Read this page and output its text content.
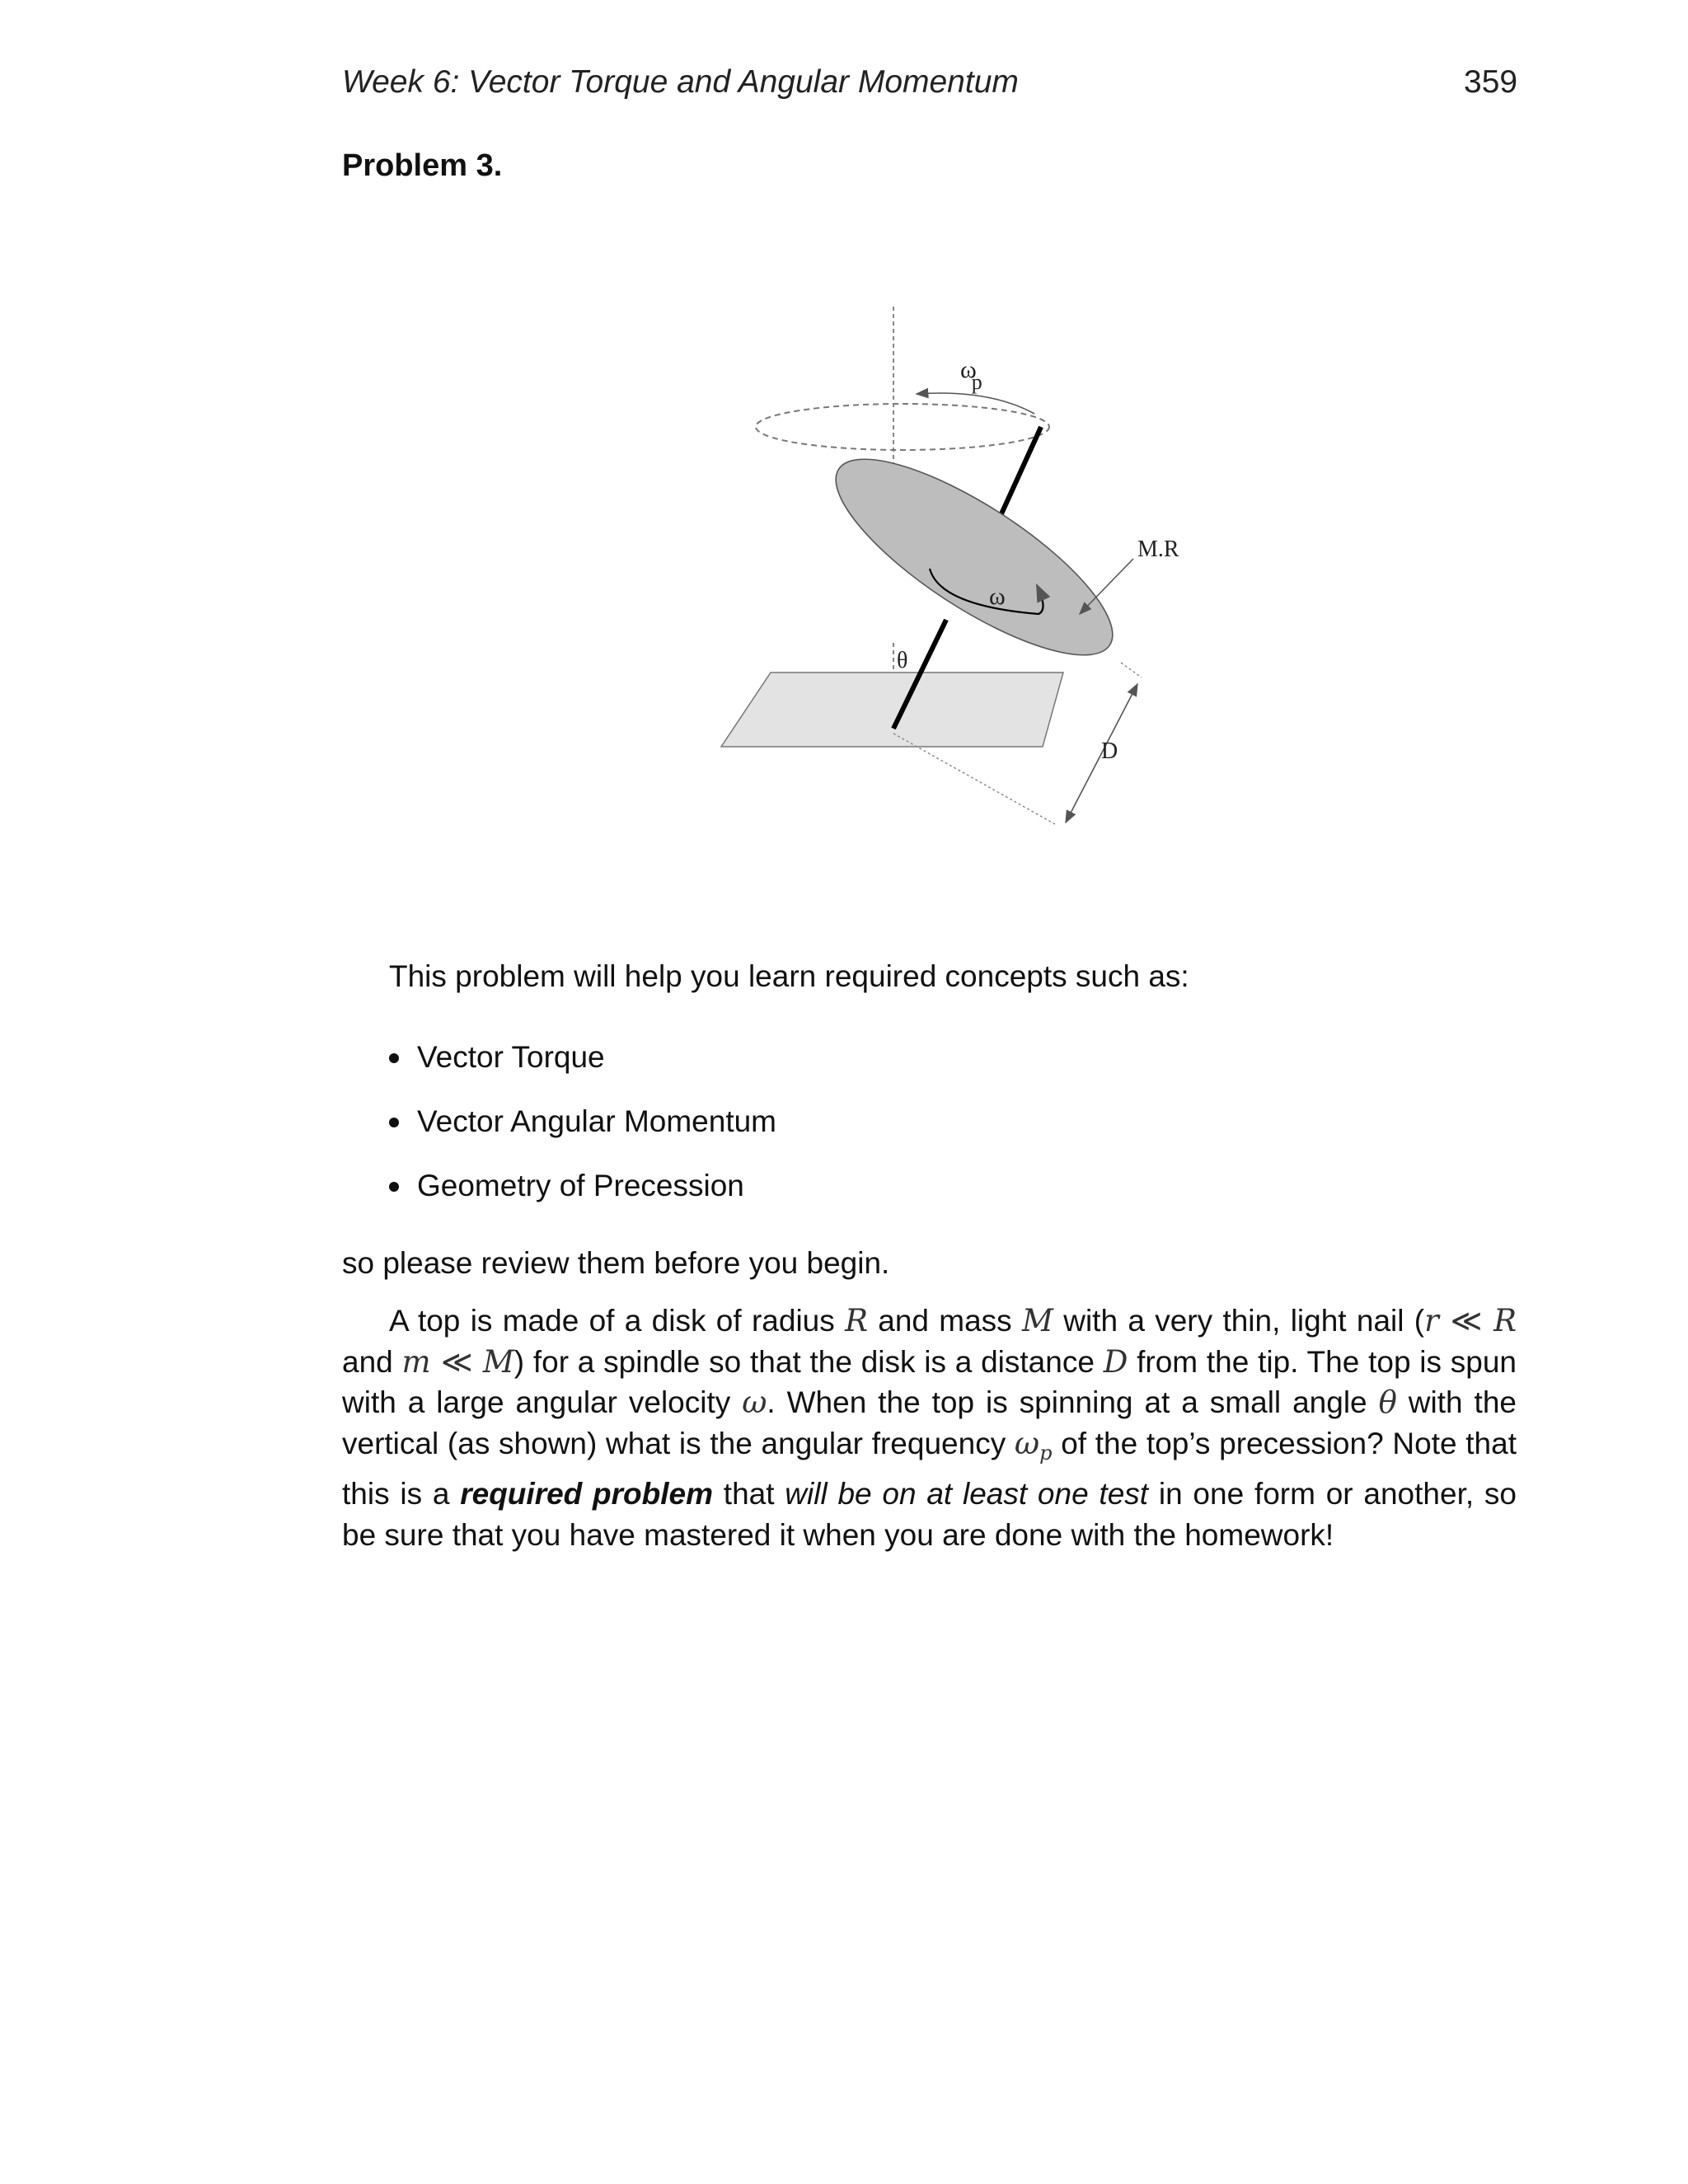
Week 6: Vector Torque and Angular Momentum	359
Problem 3.
ωp
ω
M.R
θ
D
This problem will help you learn required concepts such as:
Vector Torque
Vector Angular Momentum
Geometry of Precession
so please review them before you begin.

A top is made of a disk of radius R and mass M with a very thin, light nail (r ≪ R and m ≪ M) for a spindle so that the disk is a distance D from the tip. The top is spun with a large angular velocity ω. When the top is spinning at a small angle θ with the vertical (as shown) what is the angular frequency $\omega_p$ of the top’s precession? Note that this is a required problem that will be on at least one test in one form or another, so be sure that you have mastered it when you are done with the homework!
